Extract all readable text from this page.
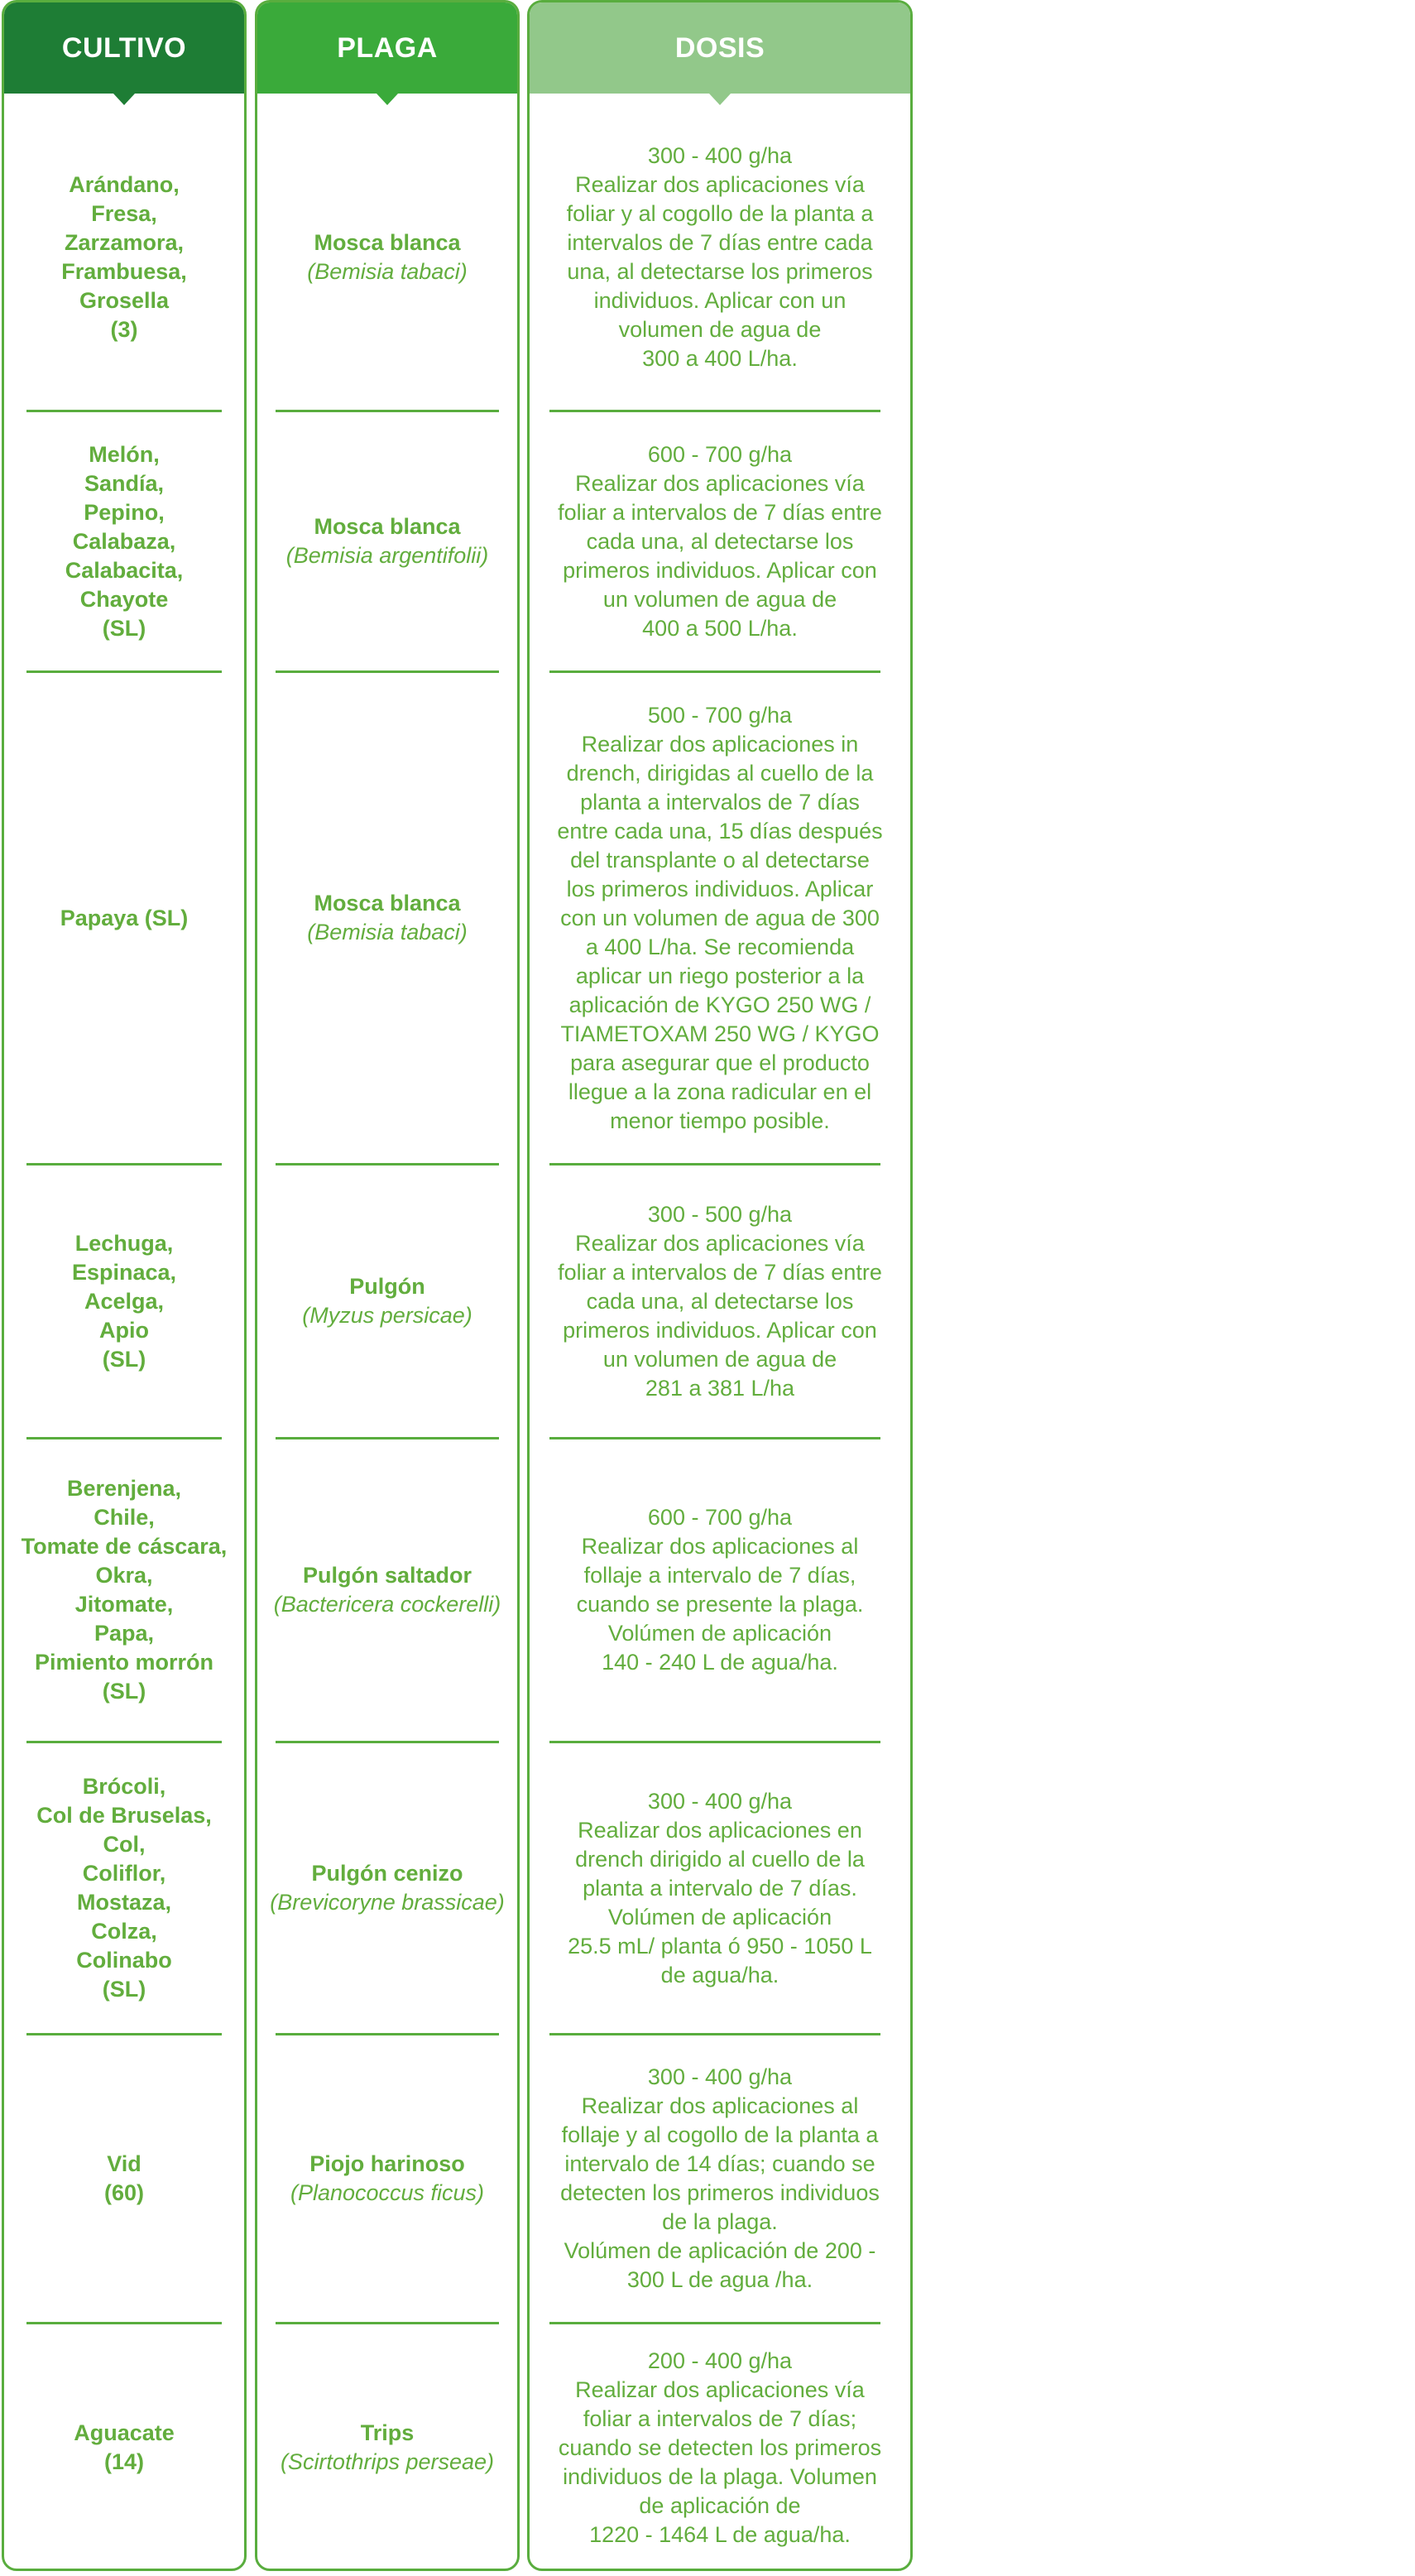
CULTIVO
Arándano,
Fresa,
Zarzamora,
Frambuesa,
Grosella
(3)
Melón,
Sandía,
Pepino,
Calabaza,
Calabacita,
Chayote
(SL)
Papaya (SL)
Lechuga,
Espinaca,
Acelga,
Apio
(SL)
Berenjena,
Chile,
Tomate de cáscara,
Okra,
Jitomate,
Papa,
Pimiento morrón
(SL)
Brócoli,
Col de Bruselas,
Col,
Coliflor,
Mostaza,
Colza,
Colinabo
(SL)
Vid
(60)
Aguacate
(14)
PLAGA
Mosca blanca
(Bemisia tabaci)
Mosca blanca
(Bemisia argentifolii)
Mosca blanca
(Bemisia tabaci)
Pulgón
(Myzus persicae)
Pulgón saltador
(Bactericera cockerelli)
Pulgón cenizo
(Brevicoryne brassicae)
Piojo harinoso
(Planococcus ficus)
Trips
(Scirtothrips perseae)
DOSIS
300 - 400 g/ha
Realizar dos aplicaciones vía
foliar y al cogollo de la planta a
intervalos de 7 días entre cada
una, al detectarse los primeros
individuos. Aplicar con un
volumen de agua de
300 a 400 L/ha.
600 - 700 g/ha
Realizar dos aplicaciones vía
foliar a intervalos de 7 días entre
cada una, al detectarse los
primeros individuos. Aplicar con
un volumen de agua de
400 a 500 L/ha.
500 - 700 g/ha
Realizar dos aplicaciones in
drench, dirigidas al cuello de la
planta a intervalos de 7 días
entre cada una, 15 días después
del transplante o al detectarse
los primeros individuos. Aplicar
con un volumen de agua de 300
a 400 L/ha. Se recomienda
aplicar un riego posterior a la
aplicación de KYGO 250 WG /
TIAMETOXAM 250 WG / KYGO
para asegurar que el producto
llegue a la zona radicular en el
menor tiempo posible.
300 - 500 g/ha
Realizar dos aplicaciones vía
foliar a intervalos de 7 días entre
cada una, al detectarse los
primeros individuos. Aplicar con
un volumen de agua de
281 a 381 L/ha
600 - 700 g/ha
Realizar dos aplicaciones al
follaje a intervalo de 7 días,
cuando se presente la plaga.
Volúmen de aplicación
140 - 240 L de agua/ha.
300 - 400 g/ha
Realizar dos aplicaciones en
drench dirigido al cuello de la
planta a intervalo de 7 días.
Volúmen de aplicación
25.5 mL/ planta ó 950 - 1050 L
de agua/ha.
300 - 400 g/ha
Realizar dos aplicaciones al
follaje y al cogollo de la planta a
intervalo de 14 días; cuando se
detecten los primeros individuos
de la plaga.
Volúmen de aplicación de 200 -
300 L de agua /ha.
200 - 400 g/ha
Realizar dos aplicaciones vía
foliar a intervalos de 7 días;
cuando se detecten los primeros
individuos de la plaga. Volumen
de aplicación de
1220 - 1464 L de agua/ha.
